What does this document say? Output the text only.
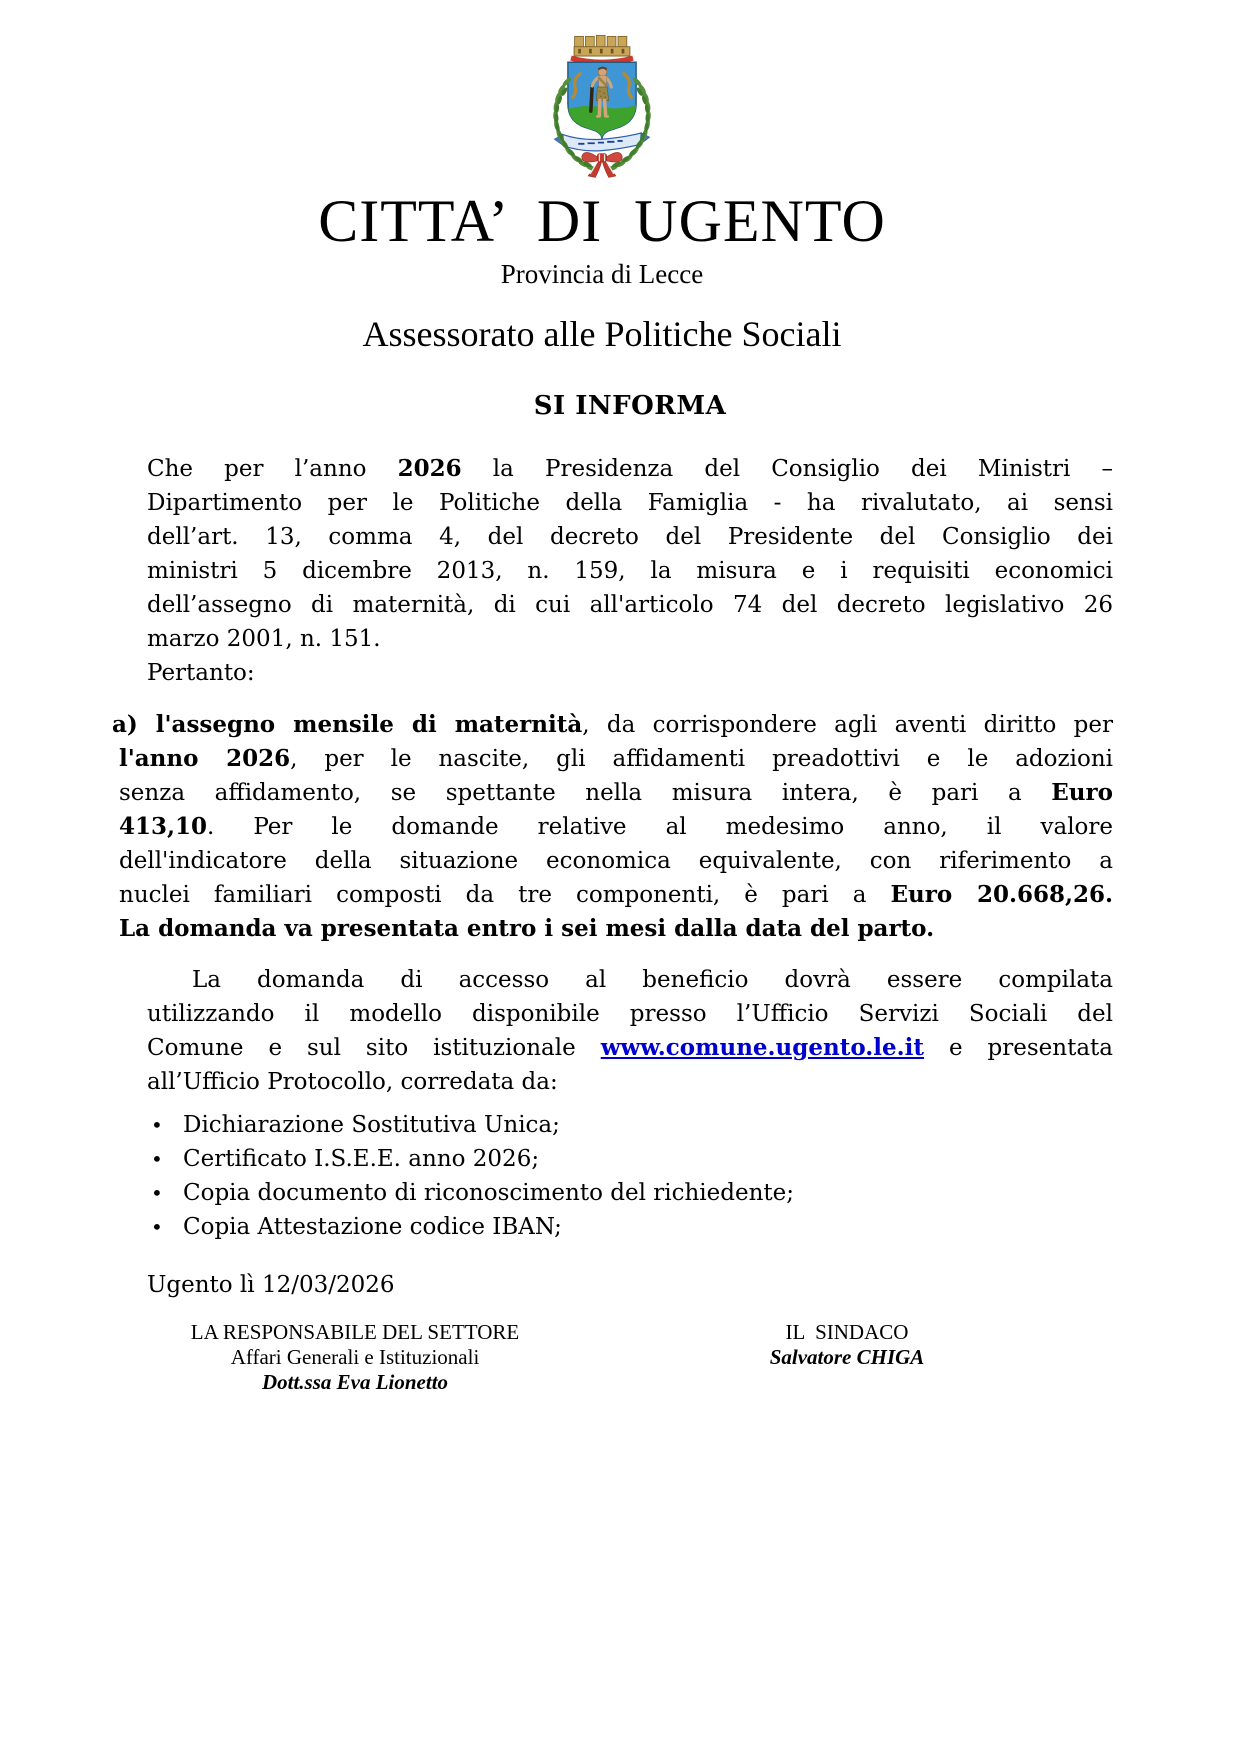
CITTA’ DI UGENTO
Provincia di Lecce
Assessorato alle Politiche Sociali
SI INFORMA
Che per l’anno 2026 la Presidenza del Consiglio dei Ministri –
Dipartimento per le Politiche della Famiglia - ha rivalutato, ai sensi
dell’art. 13, comma 4, del decreto del Presidente del Consiglio dei
ministri 5 dicembre 2013, n. 159, la misura e i requisiti economici
dell’assegno di maternità, di cui all'articolo 74 del decreto legislativo 26
marzo 2001, n. 151.
Pertanto:
a) l'assegno mensile di maternità, da corrispondere agli aventi diritto per
l'anno 2026, per le nascite, gli affidamenti preadottivi e le adozioni
senza affidamento, se spettante nella misura intera, è pari a Euro
413,10. Per le domande relative al medesimo anno, il valore
dell'indicatore della situazione economica equivalente, con riferimento a
nuclei familiari composti da tre componenti, è pari a Euro 20.668,26.
La domanda va presentata entro i sei mesi dalla data del parto.
La domanda di accesso al beneficio dovrà essere compilata
utilizzando il modello disponibile presso l’Ufficio Servizi Sociali del
Comune e sul sito istituzionale www.comune.ugento.le.it e presentata
all’Ufficio Protocollo, corredata da:
• Dichiarazione Sostitutiva Unica;
• Certificato I.S.E.E. anno 2026;
• Copia documento di riconoscimento del richiedente;
• Copia Attestazione codice IBAN;
Ugento lì 12/03/2026
LA RESPONSABILE DEL SETTORE
Affari Generali e Istituzionali
Dott.ssa Eva Lionetto
IL  SINDACO
Salvatore CHIGA
